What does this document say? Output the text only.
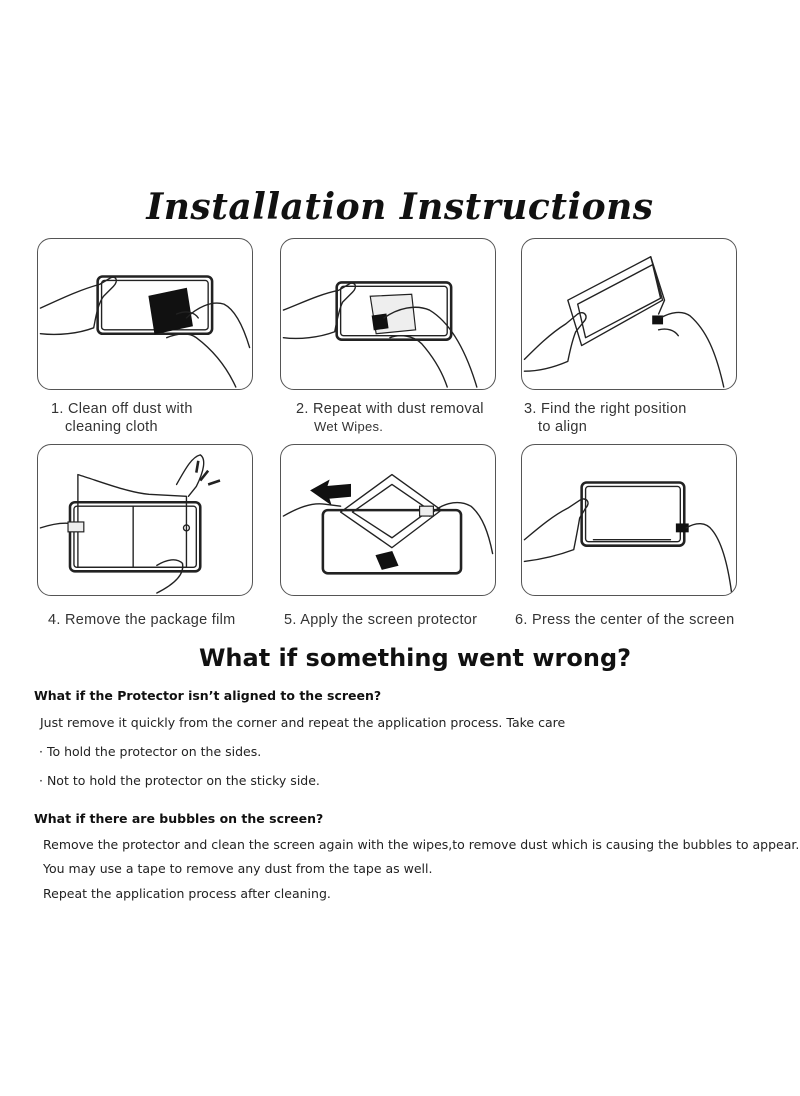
Installation Instructions
1. Clean off dust with
cleaning cloth
2. Repeat with dust removal
Wet Wipes.
3. Find the right position
to align
4. Remove the package film	5. Apply the screen protector	6. Press the center of the screen
What if something went wrong?
What if the Protector isn’t aligned to the screen?
Just remove it quickly from the corner and repeat the application process. Take care
· To hold the protector on the sides.
· Not to hold the protector on the sticky side.
What if there are bubbles on the screen?
Remove the protector and clean the screen again with the wipes,to remove dust which is causing the bubbles to appear.
You may use a tape to remove any dust from the tape as well.
Repeat the application process after cleaning.
